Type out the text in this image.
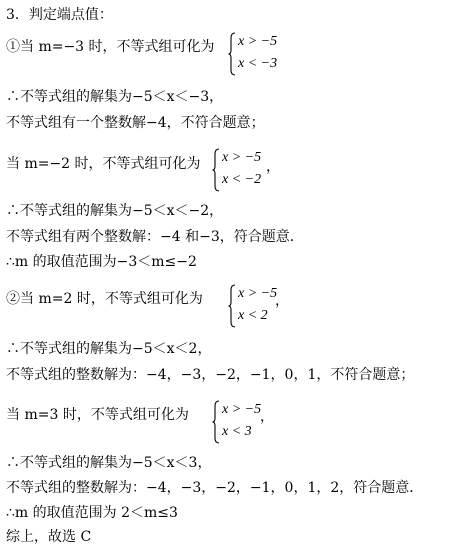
3．判定端点值：
①当 m=−3 时，不等式组可化为 x > −5
x < −3
∴不等式组的解集为−5＜x＜−3，
不等式组有一个整数解−4，不符合题意；
当 m=−2 时，不等式组可化为 x > −5
x < −2
，
∴不等式组的解集为−5＜x＜−2，
不等式组有两个整数解：−4 和−3，符合题意．
∴m 的取值范围为−3＜m≤−2
②当 m=2 时，不等式组可化为	x > −5
x < 2
，
∴不等式组的解集为−5＜x＜2，
不等式组的整数解为：−4，−3，−2，−1，0，1，不符合题意；
当 m=3 时，不等式组可化为 x > −5
x < 3
，
∴不等式组的解集为−5＜x＜3，
不等式组的整数解为：−4，−3，−2，−1，0，1，2，符合题意．
∴m 的取值范围为 2＜m≤3
综上，故选 C
